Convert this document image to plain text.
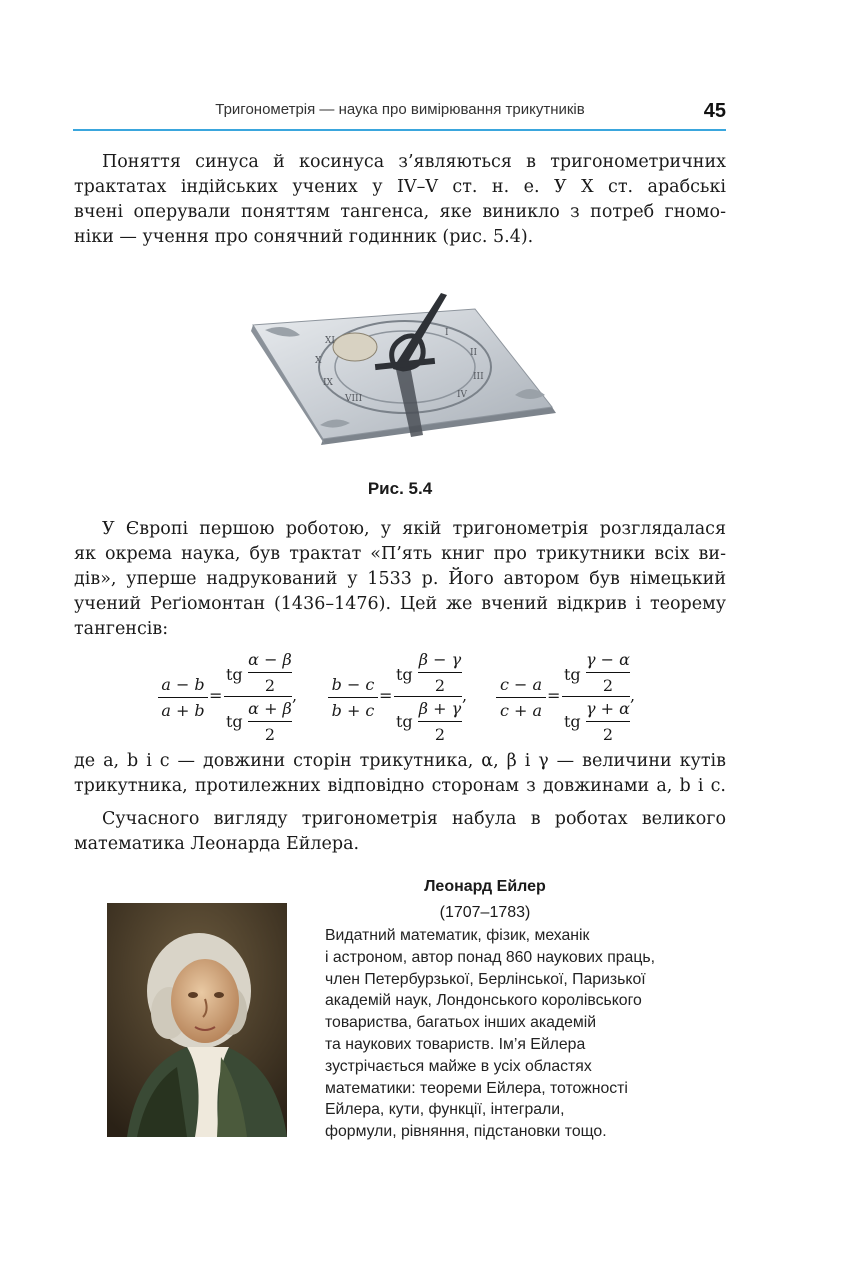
Тригонометрія — наука про вимірювання трикутників	45
Поняття синуса й косинуса з’являються в тригонометричних
трактатах індійських учених у IV–V ст. н. е. У X ст. арабські
вчені оперували поняттям тангенса, яке виникло з потреб гномо-
ніки — учення про сонячний годинник (рис. 5.4).
XI
X
IX
VIII
I
II
III
IV
Рис. 5.4
У Європі першою роботою, у якій тригонометрія розглядалася
як окрема наука, був трактат «П’ять книг про трикутники всіх ви-
дів», уперше надрукований у 1533 р. Його автором був німецький
учений Реґіомонтан (1436–1476). Цей же вчений відкрив і теорему
тангенсів:
a − b
a + b
=
tg
α − β
2
tg
α + β
2
,
b − c
b + c
=
tg
β − γ
2
tg
β + γ
2
,
c − a
c + a
=
tg
γ − α
2
tg
γ + α
2
,
де a, b і c — довжини сторін трикутника, α, β і γ — величини кутів
трикутника, протилежних відповідно сторонам з довжинами a, b і c.
Сучасного вигляду тригонометрія набула в роботах великого
математика Леонарда Ейлера.
Леонард Ейлер
(1707–1783)
Видатний математик, фізик, механік
і астроном, автор понад 860 наукових праць,
член Петербурзької, Берлінської, Паризької
академій наук, Лондонського королівського
товариства, багатьох інших академій
та наукових товариств. Ім’я Ейлера
зустрічається майже в усіх областях
математики: теореми Ейлера, тотожності
Ейлера, кути, функції, інтеграли,
формули, рівняння, підстановки тощо.
